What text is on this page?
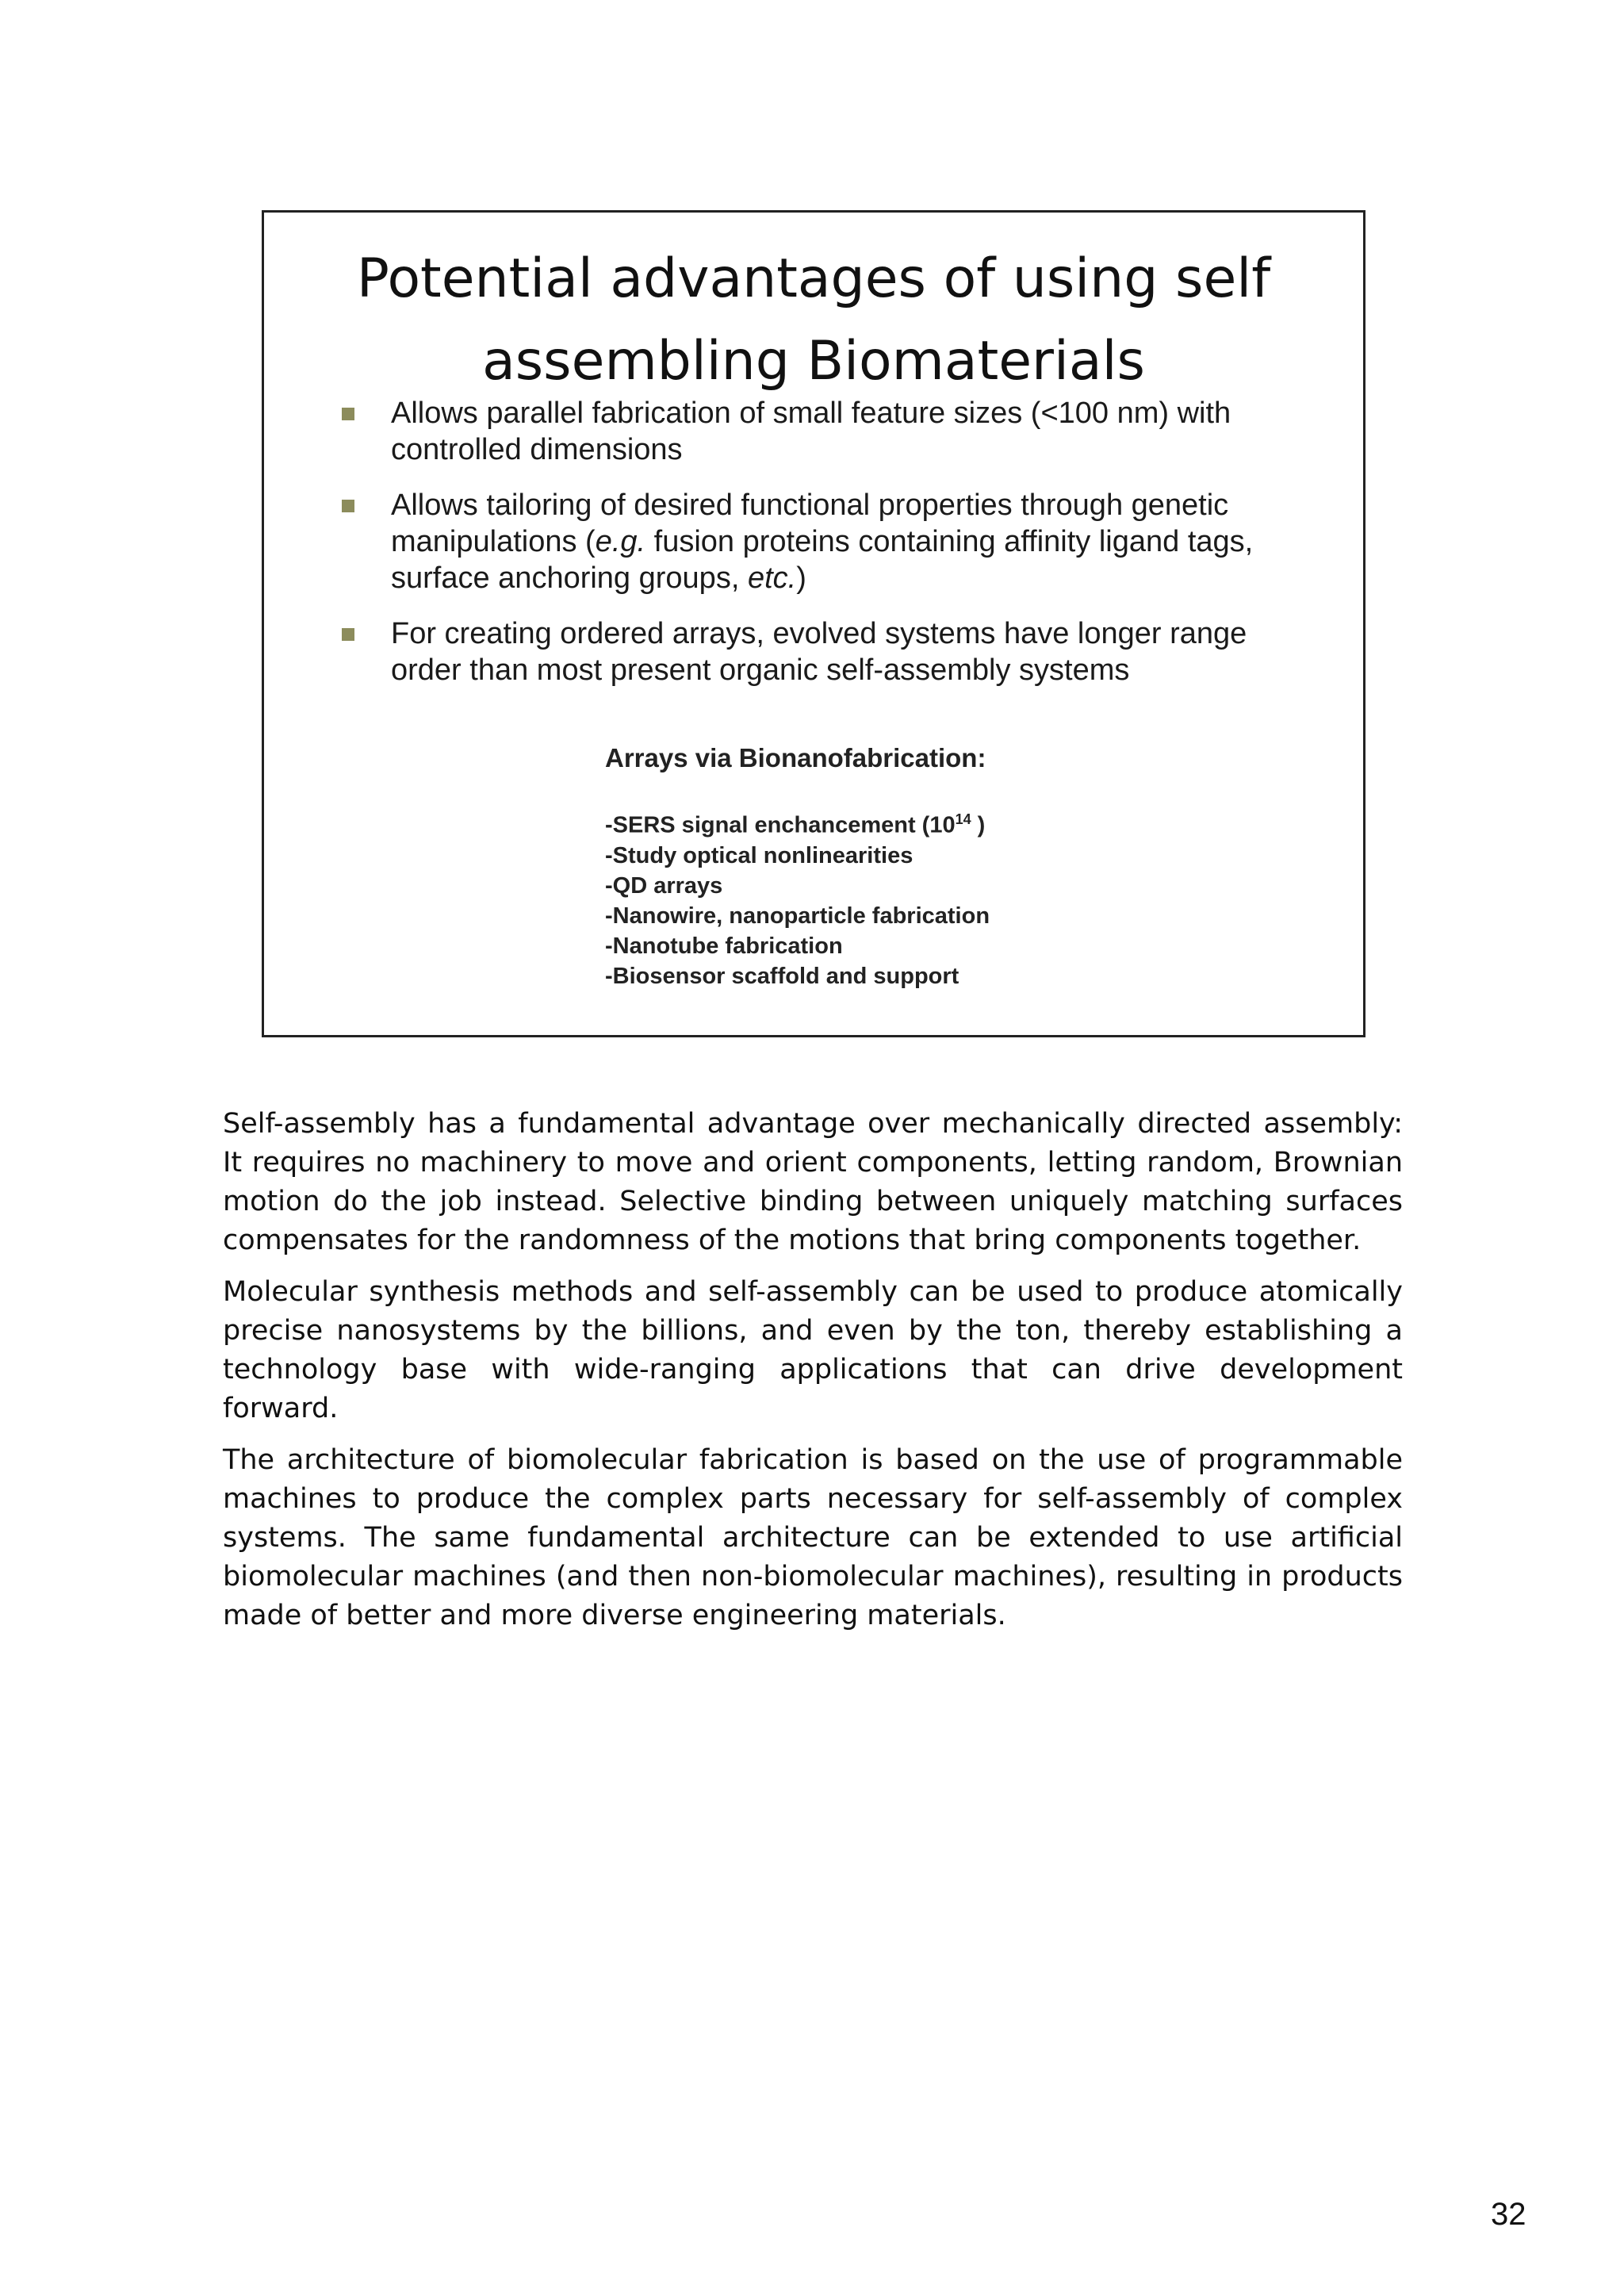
Potential advantages of using self
assembling Biomaterials
Allows parallel fabrication of small feature sizes (<100 nm) with controlled dimensions
Allows tailoring of desired functional properties through genetic manipulations (e.g. fusion proteins containing affinity ligand tags, surface anchoring groups, etc.)
For creating ordered arrays, evolved systems have longer range order than most present organic self-assembly systems

Arrays via Bionanofabrication:

-SERS signal enchancement ($10^{14}$ )
-Study optical nonlinearities
-QD arrays
-Nanowire, nanoparticle fabrication
-Nanotube fabrication
-Biosensor scaffold and support

Self-assembly has a fundamental advantage over mechanically directed assembly: It requires no machinery to move and orient components, letting random, Brownian motion do the job instead. Selective binding between uniquely matching surfaces compensates for the randomness of the motions that bring components together.

Molecular synthesis methods and self-assembly can be used to produce atomically precise nanosystems by the billions, and even by the ton, thereby establishing a technology base with wide-ranging applications that can drive development forward.

The architecture of biomolecular fabrication is based on the use of programmable machines to produce the complex parts necessary for self-assembly of complex systems. The same fundamental architecture can be extended to use artificial biomolecular machines (and then non-biomolecular machines), resulting in products made of better and more diverse engineering materials.

32
